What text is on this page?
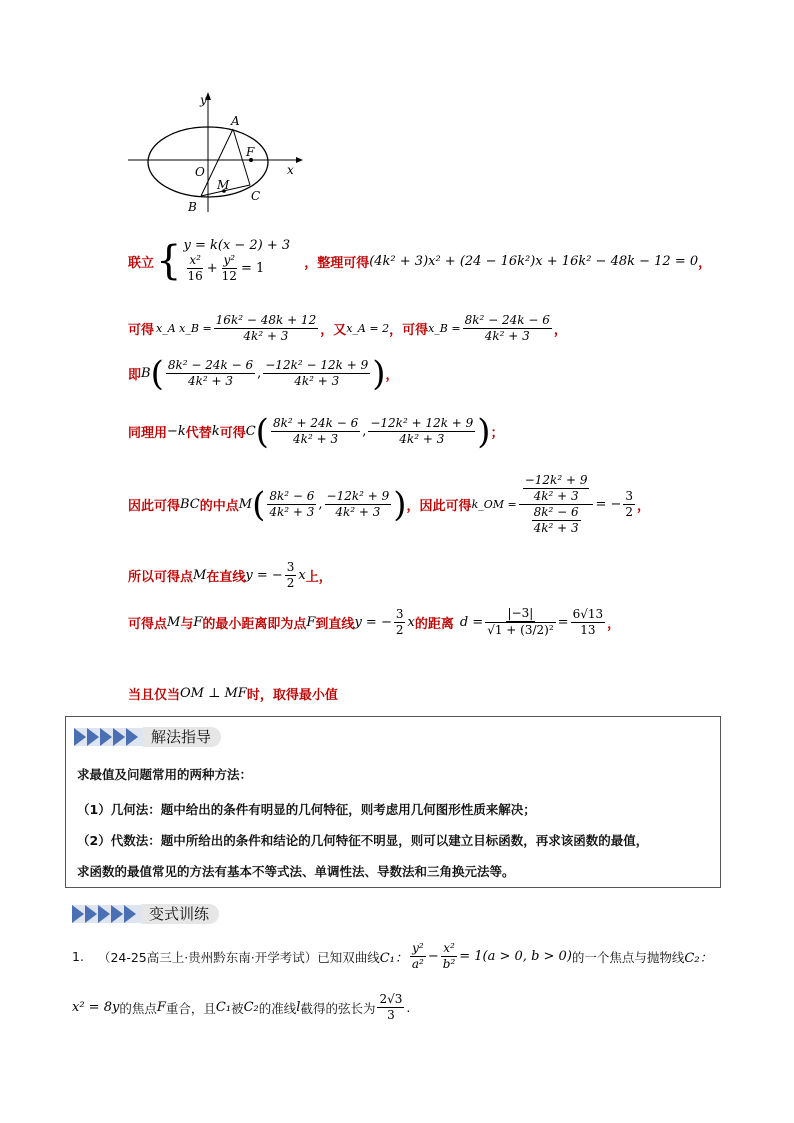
y
A
F
x
O
M
C
B
联立 { y = k(x − 2) + 3
$\frac{\text{x²}}{16} + \frac{\text{y²}}{12} = 1$	，整理可得 (4k² + 3)x² + (24 − 16k²)x + 16k² − 48k − 12 = 0 ，
可得 x_A x_B = $\frac{\text{16k² − 48k + 12}}{\text{4k² + 3}}$ ，又 x_A = 2 ，可得 x_B = $\frac{\text{8k² − 24k − 6}}{\text{4k² + 3}}$ ，
即 B ( $\frac{\text{8k² − 24k − 6}}{\text{4k² + 3}}$ , $\frac{\text{−12k² − 12k + 9}}{\text{4k² + 3}}$ ) ，
同理用 −k 代替 k 可得 C ( $\frac{\text{8k² + 24k − 6}}{\text{4k² + 3}}$ , $\frac{\text{−12k² + 12k + 9}}{\text{4k² + 3}}$ ) ；
因此可得 BC 的中点 M ( $\frac{\text{8k² − 6}}{\text{4k² + 3}}$ , $\frac{\text{−12k² + 9}}{\text{4k² + 3}}$ ) ，因此可得 k_OM = $\frac{\frac{\text{−12k² + 9}}{\text{4k² + 3}}}{\frac{\text{8k² − 6}}{\text{4k² + 3}}}$ = − $\frac{3}{2}$ ，
所以可得点 M 在直线 y = − $\frac{3}{2}$ x 上，
可得点 M 与 F 的最小距离即为点 F 到直线 y = − $\frac{3}{2}$ x 的距离 $d = \frac{|-3|}{\text{√1 + (3/2)²}} = \frac{6√13}{13}$ ，
当且仅当 OM ⊥ MF 时，取得最小值
解法指导
求最值及问题常用的两种方法：
（1）几何法：题中给出的条件有明显的几何特征，则考虑用几何图形性质来解决；
（2）代数法：题中所给出的条件和结论的几何特征不明显，则可以建立目标函数，再求该函数的最值，
求函数的最值常见的方法有基本不等式法、单调性法、导数法和三角换元法等。
变式训练
1. （24-25高三上·贵州黔东南·开学考试）已知双曲线 C₁： $\frac{\text{y²}}{\text{a²}} - \frac{\text{x²}}{\text{b²}} = 1(a > 0$, b > 0) 的一个焦点与抛物线 C₂：
x² = 8y 的焦点 F 重合，且 C₁ 被 C₂ 的准线 l 截得的弦长为 $\frac{2√3}{3}$ .
